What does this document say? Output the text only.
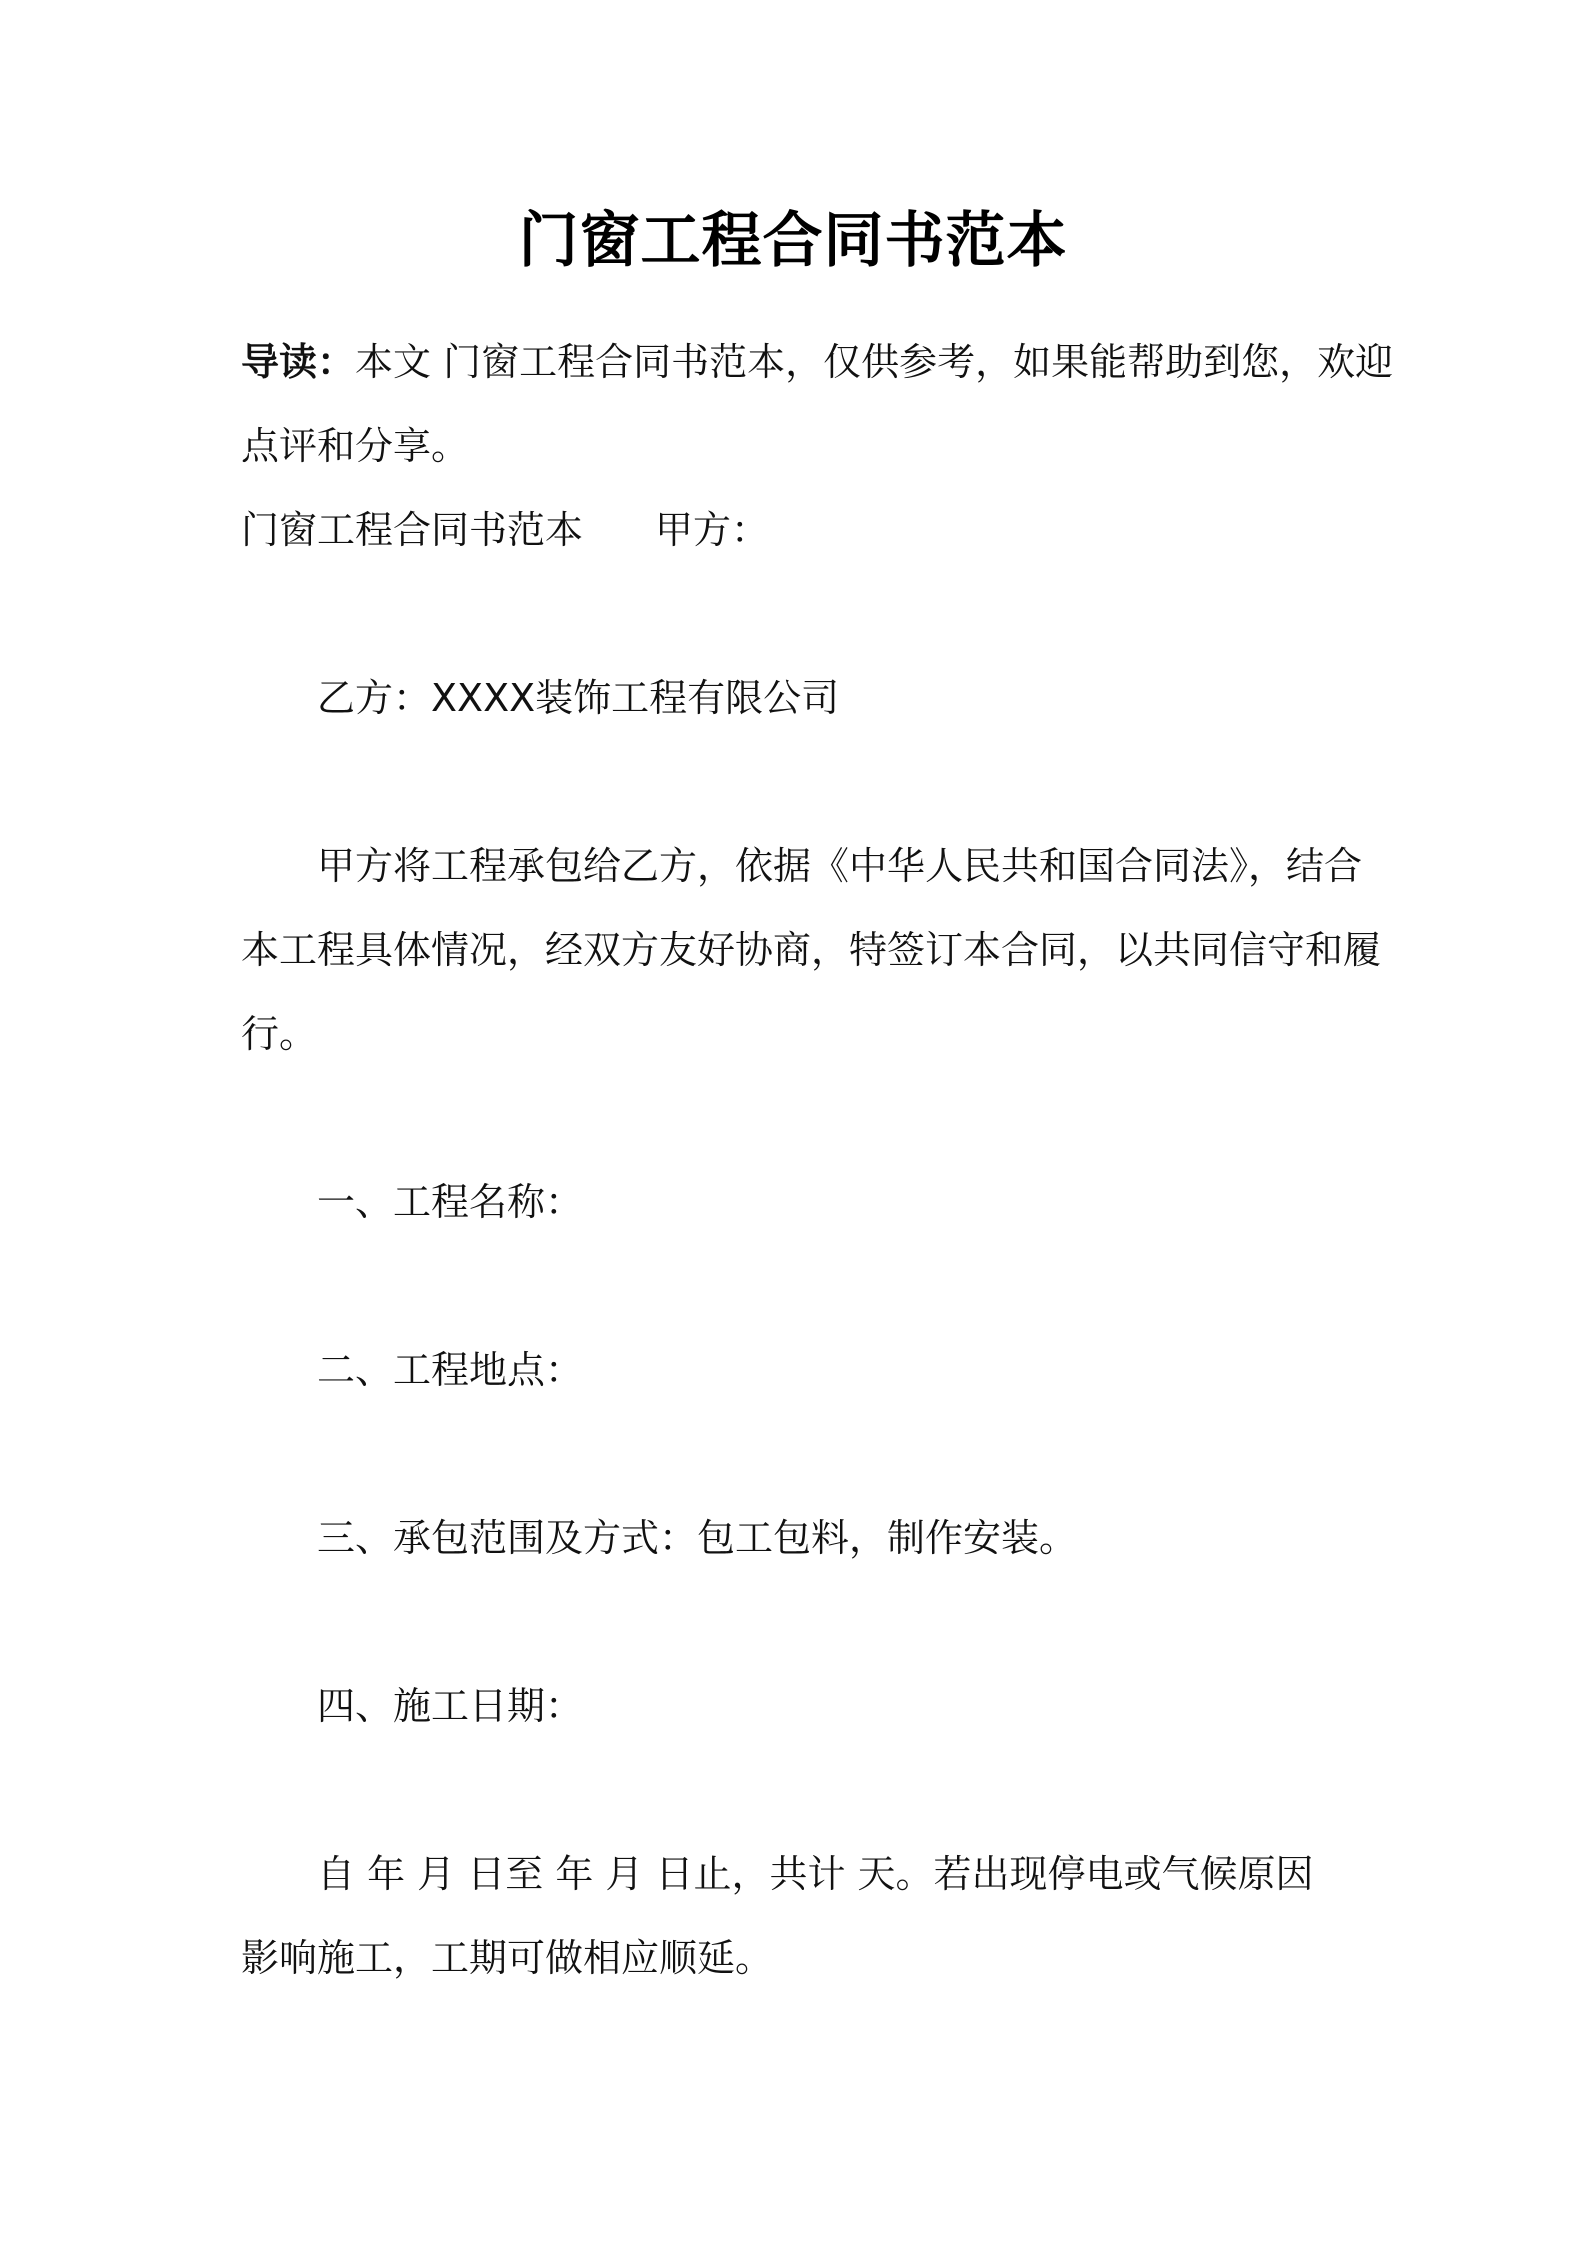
门窗工程合同书范本
导读：本文 门窗工程合同书范本，仅供参考，如果能帮助到您，欢迎
点评和分享。
门窗工程合同书范本 甲方：
乙方：XXXX装饰工程有限公司
甲方将工程承包给乙方，依据《中华人民共和国合同法》，结合
本工程具体情况，经双方友好协商，特签订本合同，以共同信守和履
行。
一、工程名称：
二、工程地点：
三、承包范围及方式：包工包料，制作安装。
四、施工日期：
自 年 月 日至 年 月 日止，共计 天。若出现停电或气候原因
影响施工，工期可做相应顺延。
